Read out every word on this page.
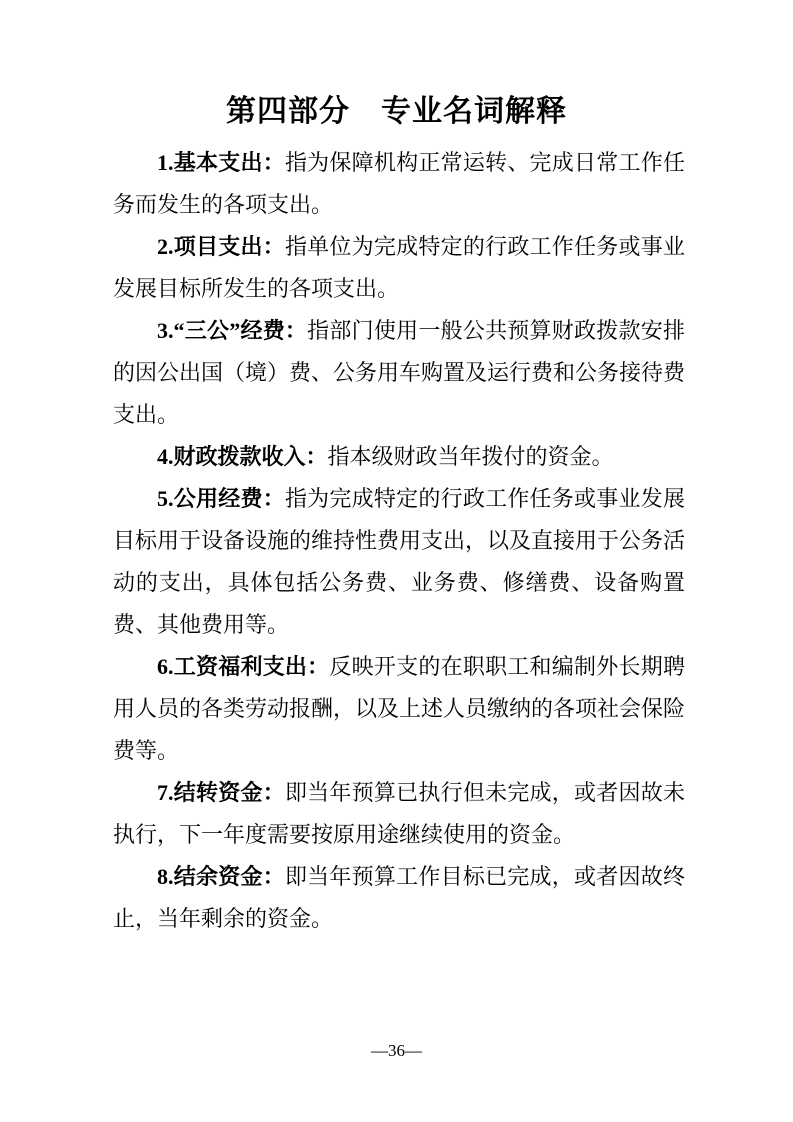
第四部分　专业名词解释

1.基本支出：指为保障机构正常运转、完成日常工作任务而发生的各项支出。

2.项目支出：指单位为完成特定的行政工作任务或事业发展目标所发生的各项支出。

3.“三公”经费：指部门使用一般公共预算财政拨款安排的因公出国（境）费、公务用车购置及运行费和公务接待费支出。

4.财政拨款收入：指本级财政当年拨付的资金。

5.公用经费：指为完成特定的行政工作任务或事业发展目标用于设备设施的维持性费用支出，以及直接用于公务活动的支出，具体包括公务费、业务费、修缮费、设备购置费、其他费用等。

6.工资福利支出：反映开支的在职职工和编制外长期聘用人员的各类劳动报酬，以及上述人员缴纳的各项社会保险费等。

7.结转资金：即当年预算已执行但未完成，或者因故未执行，下一年度需要按原用途继续使用的资金。

8.结余资金：即当年预算工作目标已完成，或者因故终止，当年剩余的资金。

—36—
